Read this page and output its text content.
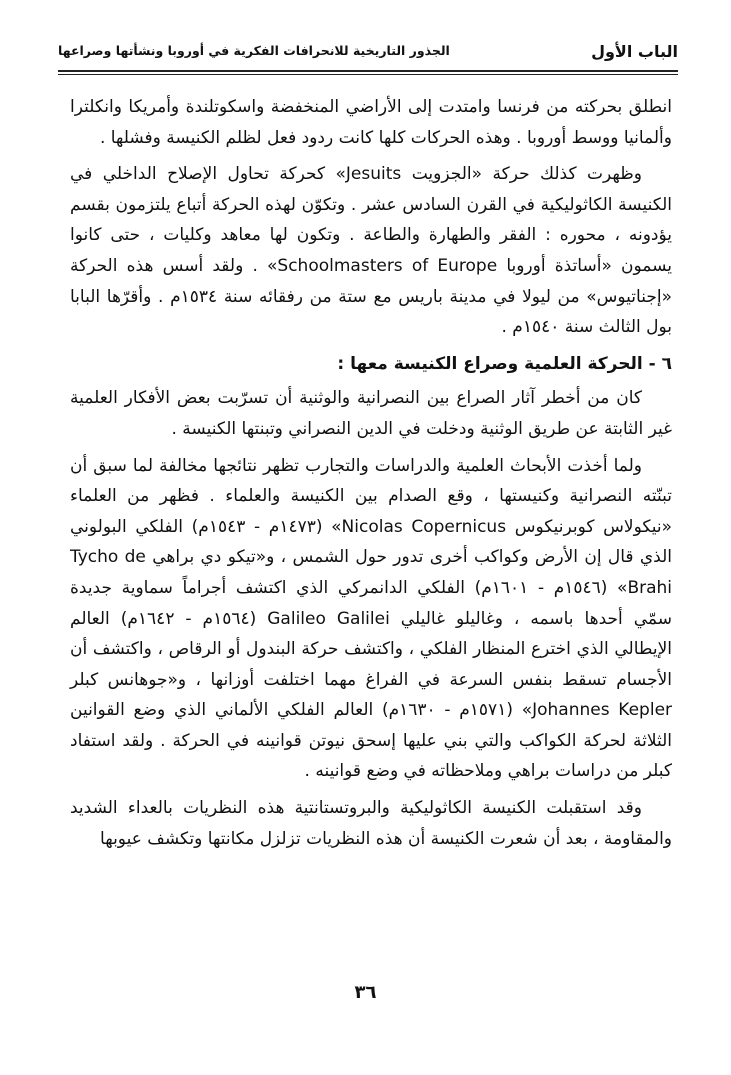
الباب الأول
الجذور التاريخية للانحرافات الفكرية في أوروبا ونشأتها وصراعها

انطلق بحركته من فرنسا وامتدت إلى الأراضي المنخفضة واسكوتلندة وأمريكا وانكلترا وألمانيا ووسط أوروبا . وهذه الحركات كلها كانت ردود فعل لظلم الكنيسة وفشلها .

وظهرت كذلك حركة «الجزويت Jesuits» كحركة تحاول الإصلاح الداخلي في الكنيسة الكاثوليكية في القرن السادس عشر . وتكوّن لهذه الحركة أتباع يلتزمون بقسم يؤدونه ، محوره : الفقر والطهارة والطاعة . وتكون لها معاهد وكليات ، حتى كانوا يسمون «أساتذة أوروبا Schoolmasters of Europe» . ولقد أسس هذه الحركة «إجناتيوس» من ليولا في مدينة باريس مع ستة من رفقائه سنة ١٥٣٤م . وأقرّها البابا بول الثالث سنة ١٥٤٠م .

٦ - الحركة العلمية وصراع الكنيسة معها :

كان من أخطر آثار الصراع بين النصرانية والوثنية أن تسرّبت بعض الأفكار العلمية غير الثابتة عن طريق الوثنية ودخلت في الدين النصراني وتبنتها الكنيسة .

ولما أخذت الأبحاث العلمية والدراسات والتجارب تظهر نتائجها مخالفة لما سبق أن تبنّته النصرانية وكنيستها ، وقع الصدام بين الكنيسة والعلماء . فظهر من العلماء «نيكولاس كوبرنيكوس Nicolas Copernicus» (١٤٧٣م - ١٥٤٣م) الفلكي البولوني الذي قال إن الأرض وكواكب أخرى تدور حول الشمس ، و«تيكو دي براهي Tycho de Brahi» (١٥٤٦م - ١٦٠١م) الفلكي الدانمركي الذي اكتشف أجراماً سماوية جديدة سمّي أحدها باسمه ، وغاليلو غاليلي Galileo Galilei (١٥٦٤م - ١٦٤٢م) العالم الإيطالي الذي اخترع المنظار الفلكي ، واكتشف حركة البندول أو الرقاص ، واكتشف أن الأجسام تسقط بنفس السرعة في الفراغ مهما اختلفت أوزانها ، و«جوهانس كبلر Johannes Kepler» (١٥٧١م - ١٦٣٠م) العالم الفلكي الألماني الذي وضع القوانين الثلاثة لحركة الكواكب والتي بني عليها إسحق نيوتن قوانينه في الحركة . ولقد استفاد كبلر من دراسات براهي وملاحظاته في وضع قوانينه .

وقد استقبلت الكنيسة الكاثوليكية والبروتستانتية هذه النظريات بالعداء الشديد والمقاومة ، بعد أن شعرت الكنيسة أن هذه النظريات تزلزل مكانتها وتكشف عيوبها

٣٦
